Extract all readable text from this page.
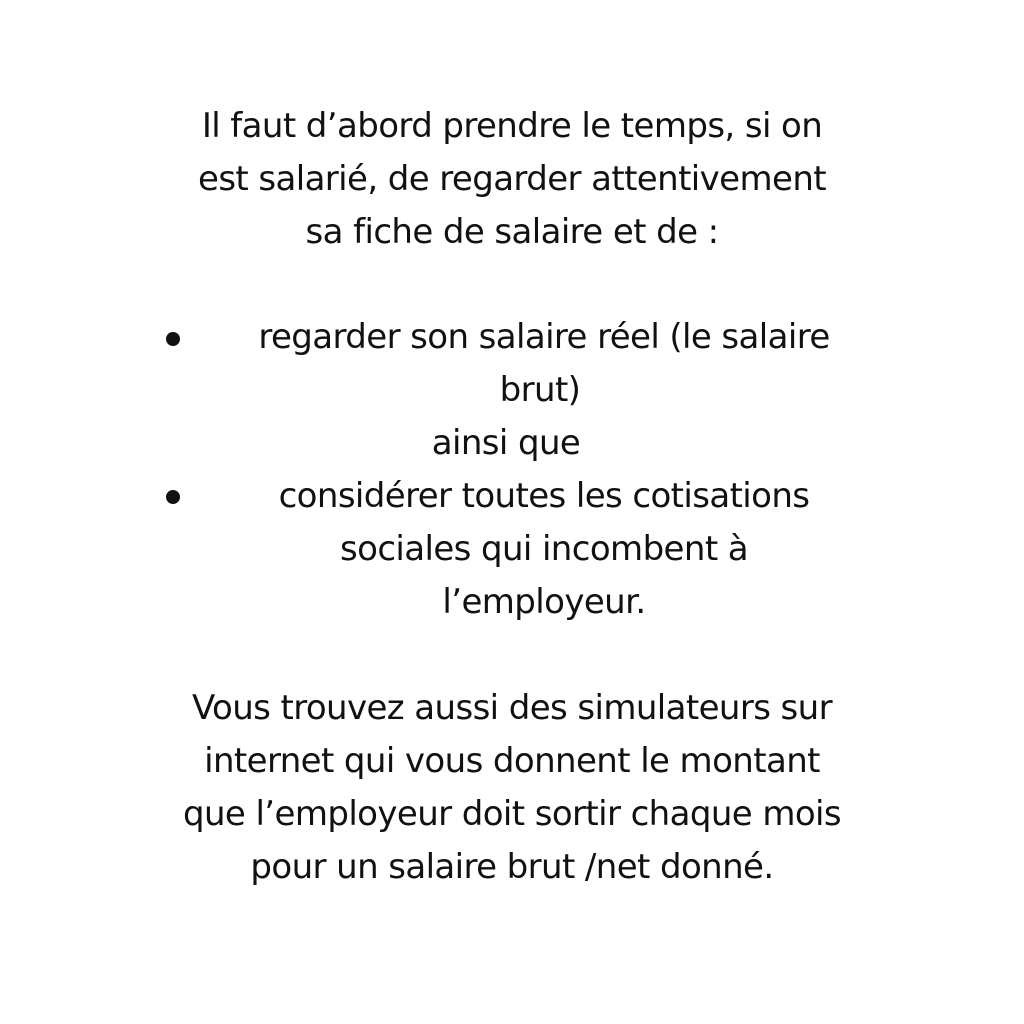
Il faut d’abord prendre le temps, si on
est salarié, de regarder attentivement
sa fiche de salaire et de :
regarder son salaire réel (le salaire
brut)
ainsi que
considérer toutes les cotisations
sociales qui incombent à
l’employeur.
Vous trouvez aussi des simulateurs sur
internet qui vous donnent le montant
que l’employeur doit sortir chaque mois
pour un salaire brut /net donné.
